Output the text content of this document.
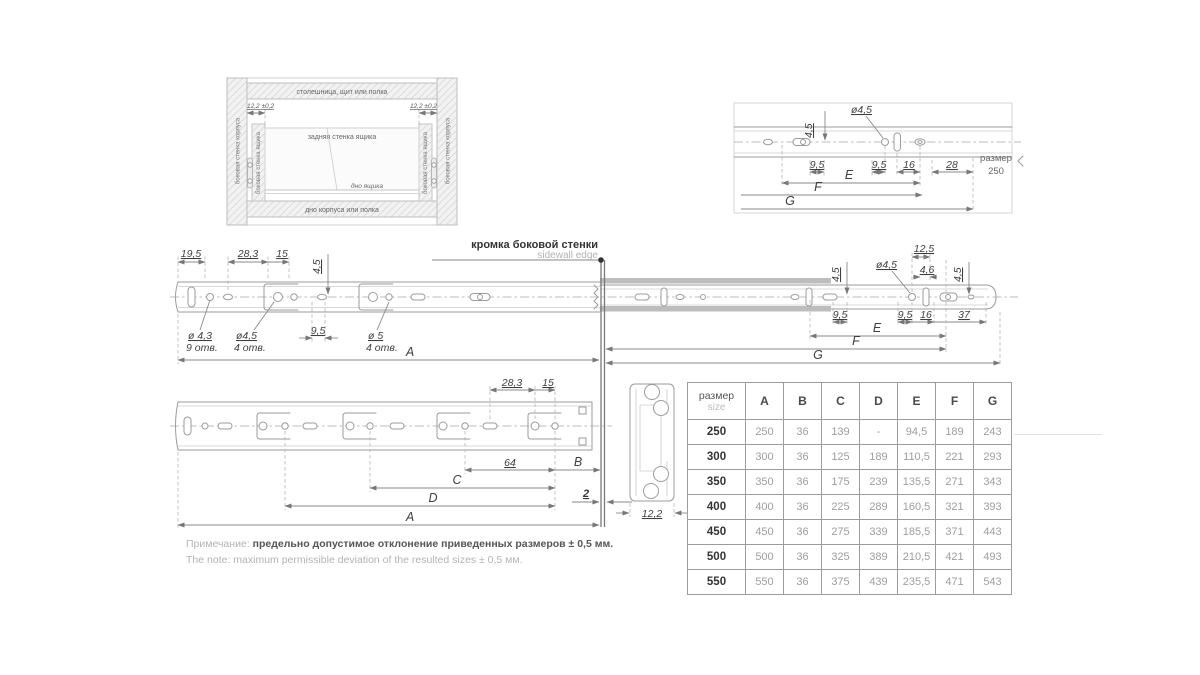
столешница, щит или полка
дно корпуса или полка
боковая стенка корпуса	боковая стенка корпуса
боковая стенка ящика	боковая стенка ящика
задняя стенка ящика
дно ящика
12,2 ±0,2	12,2 ±0,2
4,5
ø4,5
9,5	9,5 16	28
E
F
G
размер
250
кромка боковой стенки
sidewall edge
19,5	28,3 15
4,5
ø 4,3
9 отв.
ø4,5
4 отв.
9,5	ø 5
4 отв. A
12,5
4,5
ø4,5 4,6 4,5
9,5	9,5 16	37
E
F
G
28,3 15
64	B
C
D
A
2
12,2
размер
size	A	B	C	D	E	F	G
250	250	36	139	-	94,5	189	243
300	300	36	125	189	110,5	221	293
350	350	36	175	239	135,5	271	343
400	400	36	225	289	160,5	321	393
450	450	36	275	339	185,5	371	443
500	500	36	325	389	210,5	421	493
550	550	36	375	439	235,5	471	543
Примечание: предельно допустимое отклонение приведенных размеров ± 0,5 мм.
The note: maximum permissible deviation of the resulted sizes ± 0,5 мм.
